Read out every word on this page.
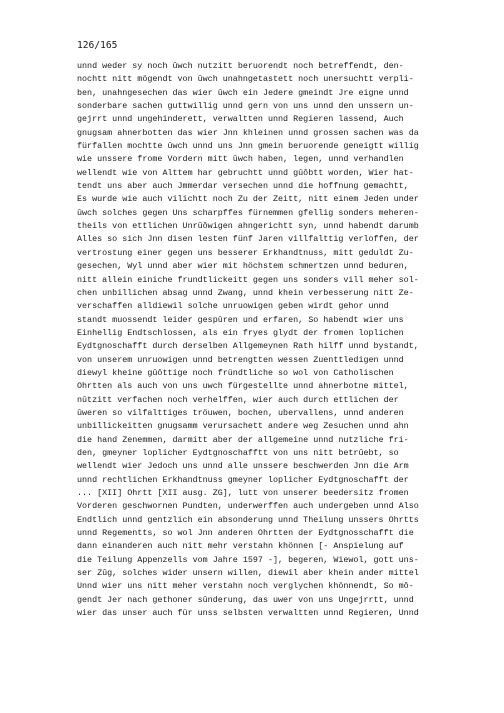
126/165
unnd weder sy noch ûwch nutzitt beruorendt noch betreffendt, den-
nochtt nitt mögendt von ûwch unahngetastett noch unersuchtt verpli-
ben, unahngesechen das wier ûwch ein Jedere gmeindt Jre eigne unnd
sonderbare sachen guttwillig unnd gern von uns unnd den unssern un-
gejrrt unnd ungehinderett, verwaltten unnd Regieren lassend, Auch
gnugsam ahnerbotten das wier Jnn khleinen unnd grossen sachen was da
fürfallen mochtte ûwch unnd uns Jnn gmein beruorende geneigtt willig
wie unssere frome Vordern mitt ûwch haben, legen, unnd verhandlen
wellendt wie von Alttem har gebruchtt unnd gûôbtt worden, Wier hat-
tendt uns aber auch Jmmerdar versechen unnd die hoffnung gemachtt,
Es wurde wie auch vilichtt noch Zu der Zeitt, nitt einem Jeden under
ûwch solches gegen Uns scharpffes fürnemmen gfellig sonders meheren-
theils von ettlichen Unrûôwigen ahngerichtt syn, unnd habendt darumb
Alles so sich Jnn disen lesten fünf Jaren villfalttig verloffen, der
vertrostung einer gegen uns besserer Erkhandtnuss, mitt geduldt Zu-
gesechen, Wyl unnd aber wier mit höchstem schmertzen unnd beduren,
nitt allein einiche frundtlickeitt gegen uns sonders vill meher sol-
chen unbillichen absag unnd Zwang, unnd khein verbesserung nitt Ze-
verschaffen alldiewil solche unruowigen geben wirdt gehor unnd
standt muossendt leider gespûren und erfaren, So habendt wier uns
Einhellig Endtschlossen, als ein fryes glydt der fromen loplichen
Eydtgnoschafft durch derselben Allgemeynen Rath hilff unnd bystandt,
von unserem unruowigen unnd betrengtten wessen Zuenttledigen unnd
diewyl kheine gûôttige noch fründtliche so wol von Catholischen
Ohrtten als auch von uns uwch fürgestellte unnd ahnerbotne mittel,
nûtzitt verfachen noch verhelffen, wier auch durch ettlichen der
ûweren so vilfalttiges tröuwen, bochen, ubervallens, unnd anderen
unbillickeitten gnugsamm verursachett andere weg Zesuchen unnd ahn
die hand Zenemmen, darmitt aber der allgemeine unnd nutzliche fri-
den, gmeyner loplicher Eydtgnoschafftt von uns nitt betrûebt, so
wellendt wier Jedoch uns unnd alle unssere beschwerden Jnn die Arm
unnd rechtlichen Erkhandtnuss gmeyner loplicher Eydtgnoschafft der
... [XII] Ohrtt [XII ausg. ZG], lutt von unserer beedersitz fromen
Vorderen geschwornen Pundten, underwerffen auch undergeben unnd Also
Endtlich unnd gentzlich ein absonderung unnd Theilung unssers Ohrtts
unnd Regementts, so wol Jnn anderen Ohrtten der Eydtgnosschafft die
dann einanderen auch nitt mehr verstahn khönnen [- Anspielung auf
die Teilung Appenzells vom Jahre 1597 -], begeren, Wiewol, gott uns-
ser Zûg, solches wider unsern willen, diewil aber khein ander mittel
Unnd wier uns nitt meher verstahn noch verglychen khönnendt, So mô-
gendt Jer nach gethoner sûnderung, das uwer von uns Ungejrrtt, unnd
wier das unser auch für unss selbsten verwaltten unnd Regieren, Unnd
